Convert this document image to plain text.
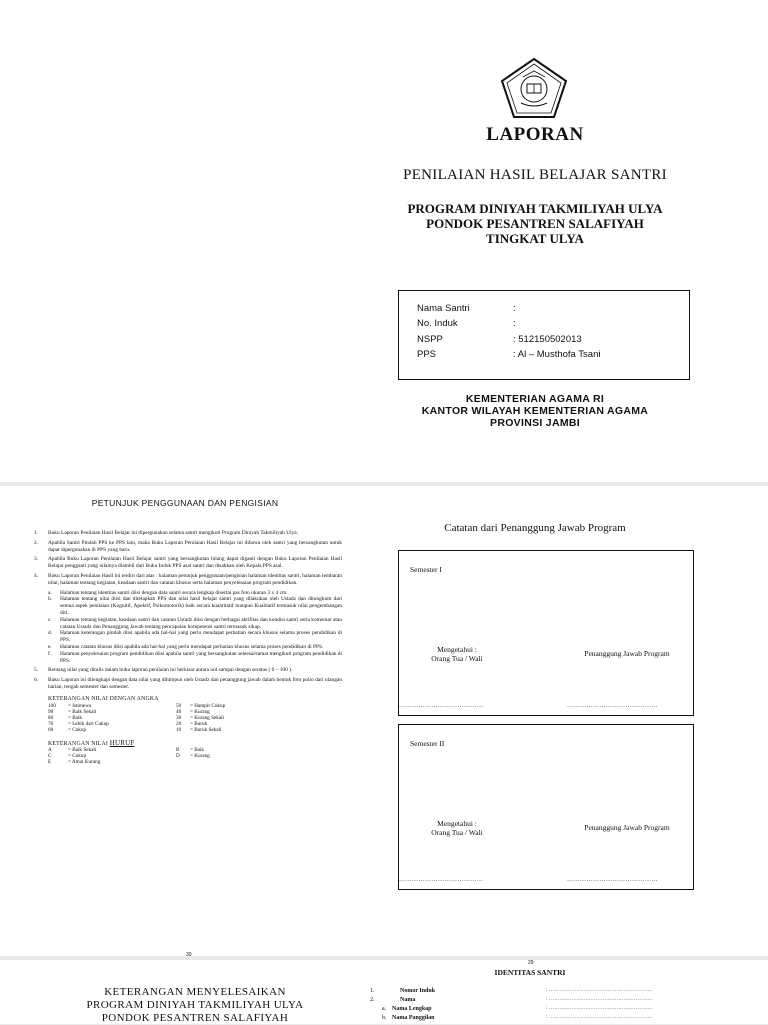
LAPORAN
PENILAIAN HASIL BELAJAR SANTRI
PROGRAM DINIYAH TAKMILIYAH ULYA
PONDOK PESANTREN SALAFIYAH
TINGKAT ULYA
Nama Santri	:
No. Induk	:
NSPP	: 512150502013
PPS	: Al – Musthofa Tsani
KEMENTERIAN AGAMA RI
KANTOR WILAYAH KEMENTERIAN AGAMA
PROVINSI JAMBI
PETUNJUK PENGGUNAAN DAN PENGISIAN
1. Buku Laporan Penilaian Hasil Belajar ini dipergunakan selama santri mengikuti Program Diniyah Takmiliyah Ulya.
2. Apabila Santri Pindah PPS ke PPS lain, maka Buku Laporan Penilaian Hasil Belajar ini dibawa oleh santri yang bersangkutan untuk dapat dipergunakan di PPS yang baru.
3. Apabila Buku Laporan Penilaian Hasil Belajar santri yang bersangkutan hilang dapat diganti dengan Buku Laporan Penilaian Hasil Belajar pengganti yang nilainya diambil dari Buku Induk PPS asal santri dan disahkan oleh Kepala PPS asal.
4. Buku Laporan Penilaian Hasil ini terdiri dari atas : halaman petunjuk penggunaan/pengisian halaman identitas santri, halaman lembaran nilai, halaman tentang kegiatan, keadaan santri dan catatan khusus serta halaman penyelesaian program pendidikan.
a. Halaman tentang identitas santri diisi dengan data santri secara lengkap disertai pas foto ukuran 3 x 4 cm.
b. Halaman tentang nilai diisi dan ditetapkan PPS dan nilai hasil belajar santri yang dilakukan oleh Ustadz dan ditungkum dari semua aspek penilaian (Kognitif, Apektif, Psikomotorik) baik secara kuantitatif maupun Kualitatif termasuk nilai pengembangan diri.
c. Halaman tentang kegiatan, keadaan santri dan catatan Ustadz diisi dengan berbagai aktifitas dan kondisi santri serta komentar atau catatan Ustadz dan Penanggung Jawab tentang pencapaian kompetensi santri termasuk sikap.
d. Halaman keterangan pindah diisi apabila ada hal-hal yang perlu mendapat perhatian secara khusus selama proses pendidikan di PPS.
e. Halaman catatan khusus diisi apabila ada hal-hal yang perlu mendapat perhatian khusus selama proses pendidikan di PPS.
f. Halaman penyelesaian program pendidikan diisi apabila santri yang bersangkutan seleesai/tamat mengikuti program pendidikan di PPS.
5. Rentang nilai yang ditulis dalam buku laporan penilaian ini berkisar antara nol sampai dengan seratus ( 0 – 100 ).
6. Buku Laporan ini dilengkapi dengan data nilai yang dihimpun oleh Ustadz dan penanggung jawab dalam bentuk foto polio dari ulangan harian, tengah semester dan semester.
KETERANGAN NILAI DENGAN ANGKA
100 = Istimewa
90	= Baik Sekali
80	= Baik
70	= Lebih dari Cukup
60	= Cukup
50 = Hampir Cukup
40 = Kurang
30 = Kurang Sekali
20 = Buruk
10 = Buruk Sekali
KETERANGAN NILAI HURUF
A	= Baik Sekali
C	= Cukup
E	= Amat Kurang
B = Baik
D = Kurang
30
Catatan dari Penanggung Jawab Program
Semester I
Mengetahui :
Orang Tua / Wali
Penanggung Jawab Program
…………………………………	……………………………………
Semester II
Mengetahui :
Orang Tua / Wali
Penanggung Jawab Program
…………………………………	……………………………………
29
KETERANGAN MENYELESAIKAN
PROGRAM DINIYAH TAKMILIYAH ULYA
PONDOK PESANTREN SALAFIYAH
IDENTITAS SANTRI
1.	Nomor Induk	: ……………………………………………………
2.	Nama	: ……………………………………………………
a. Nama Lengkap	: ……………………………………………………
b. Nama Panggilan	: ……………………………………………………
